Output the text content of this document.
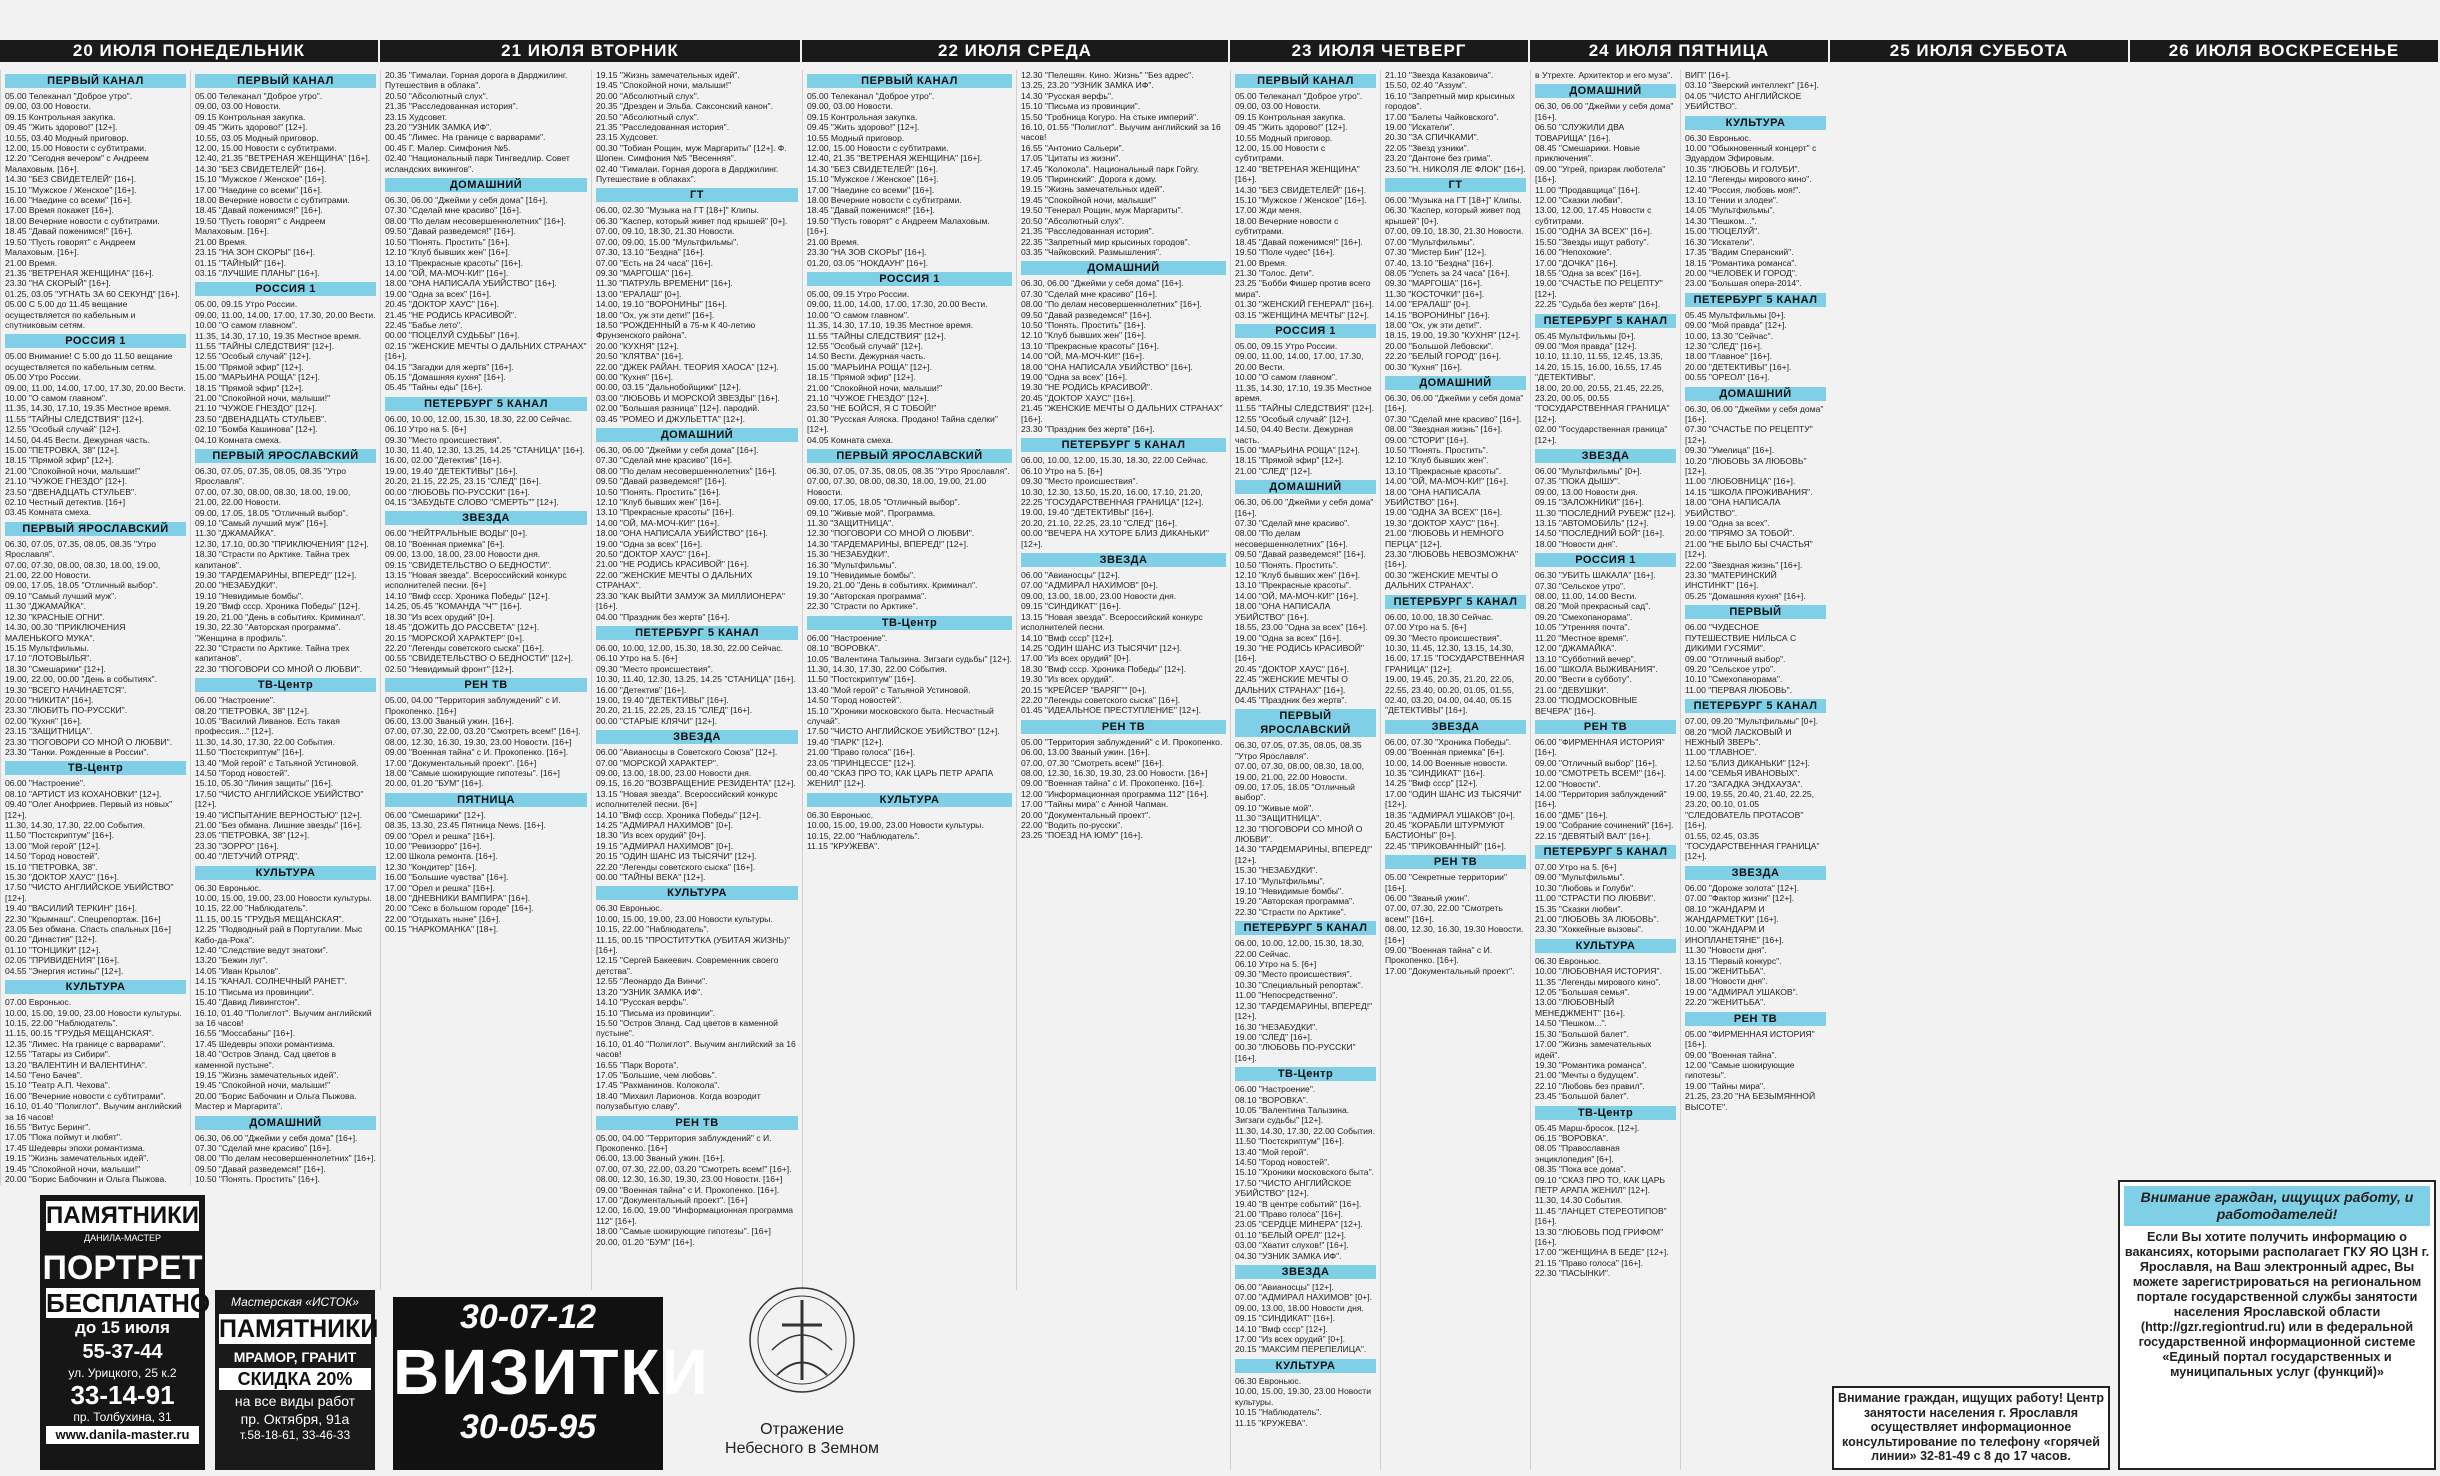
20 ИЮЛЯ ПОНЕДЕЛЬНИК	21 ИЮЛЯ ВТОРНИК	22 ИЮЛЯ СРЕДА	23 ИЮЛЯ ЧЕТВЕРГ	24 ИЮЛЯ ПЯТНИЦА	25 ИЮЛЯ СУББОТА	26 ИЮЛЯ ВОСКРЕСЕНЬЕ
ПЕРВЫЙ КАНАЛ
05.00 Телеканал "Доброе утро".
09.00, 03.00 Новости.
09.15 Контрольная закупка.
09.45 "Жить здорово!" [12+].
10.55, 03.40 Модный приговор.
12.00, 15.00 Новости с субтитрами.
12.20 "Сегодня вечером" с Андреем Малаховым. [16+].
14.30 "БЕЗ СВИДЕТЕЛЕЙ" [16+].
15.10 "Мужское / Женское" [16+].
16.00 "Наедине со всеми" [16+].
17.00 Время покажет [16+].
18.00 Вечерние новости с субтитрами.
18.45 "Давай поженимся!" [16+].
19.50 "Пусть говорят" с Андреем Малаховым. [16+].
21.00 Время.
21.35 "ВЕТРЕНАЯ ЖЕНЩИНА" [16+].
23.30 "НА СКОРЫЙ" [16+].
01.25, 03.05 "УГНАТЬ ЗА 60 СЕКУНД" [16+].
05.00 С 5.00 до 11.45 вещание осуществляется по кабельным и спутниковым сетям.
РОССИЯ 1
05.00 Внимание! С 5.00 до 11.50 вещание осуществляется по кабельным сетям.
05.00 Утро России.
09.00, 11.00, 14.00, 17.00, 17.30, 20.00 Вести.
10.00 "О самом главном".
11.35, 14.30, 17.10, 19.35 Местное время.
11.55 "ТАЙНЫ СЛЕДСТВИЯ" [12+].
12.55 "Особый случай" [12+].
14.50, 04.45 Вести. Дежурная часть.
15.00 "ПЕТРОВКА, 38" [12+].
18.15 "Прямой эфир" [12+].
21.00 "Спокойной ночи, малыши!"
21.10 "ЧУЖОЕ ГНЕЗДО" [12+].
23.50 "ДВЕНАДЦАТЬ СТУЛЬЕВ".
02.10 Честный детектив. [16+]
03.45 Комната смеха.
ПЕРВЫЙ ЯРОСЛАВСКИЙ
06.30, 07.05, 07.35, 08.05, 08.35 "Утро Ярославля".
07.00, 07.30, 08.00, 08.30, 18.00, 19.00, 21.00, 22.00 Новости.
09.00, 17.05, 18.05 "Отличный выбор".
09.10 "Самый лучший муж".
11.30 "ДЖАМАЙКА".
12.30 "КРАСНЫЕ ОГНИ".
14.30, 00.30 "ПРИКЛЮЧЕНИЯ МАЛЕНЬКОГО МУКА".
15.15 Мультфильмы.
17.10 "ЛОТОВЫЛЬЯ".
18.30 "Смешарики" [12+].
19.00, 22.00, 00.00 "День в событиях".
19.30 "ВСЕГО НАЧИНАЕТСЯ".
20.00 "НИКИТА" [16+].
23.30 "ЛЮБИТЬ ПО-РУССКИ".
02.00 "Кухня" [16+].
23.15 "ЗАЩИТНИЦА".
23.30 "ПОГОВОРИ СО МНОЙ О ЛЮБВИ".
23.30 "Танки. Рожденные в России".
ТВ-Центр
06.00 "Настроение".
08.10 "АРТИСТ ИЗ КОХАНОВКИ" [12+].
09.40 "Олег Анофриев. Первый из новых" [12+].
11.30, 14.30, 17.30, 22.00 События.
11.50 "Постскриптум" [16+].
13.00 "Мой герой" [12+].
14.50 "Город новостей".
15.10 "ПЕТРОВКА, 38".
15.30 "ДОКТОР ХАУС" [16+].
17.50 "ЧИСТО АНГЛИЙСКОЕ УБИЙСТВО" [12+].
19.40 "ВАСИЛИЙ ТЕРКИН" [16+].
22.30 "Крымнаш". Спецрепортаж. [16+]
23.05 Без обмана. Спасть спальных [16+]
00.20 "Династия" [12+].
01.10 "ТОНЦИКИ" [12+].
02.05 "ПРИВИДЕНИЯ" [16+].
04.55 "Энергия истины" [12+].
КУЛЬТУРА
07.00 Евроньюс.
10.00, 15.00, 19.00, 23.00 Новости культуры.
10.15, 22.00 "Наблюдатель".
11.15, 00.15 "ГРУДЬЯ МЕЩАНСКАЯ".
12.35 "Лимес. На границе с варварами".
12.55 "Татары из Сибири".
13.20 "ВАЛЕНТИН И ВАЛЕНТИНА".
14.50 "Гено Бачев".
15.10 "Театр А.П. Чехова".
16.00 "Вечерние новости с субтитрами".
16.10, 01.40 "Полиглот". Выучим английский за 16 часов!
16.55 "Витус Беринг".
17.05 "Пока поймут и любят".
17.45 Шедевры эпохи романтизма.
19.15 "Жизнь замечательных идей".
19.45 "Спокойной ночи, малыши!"
20.00 "Борис Бабочкин и Ольга Пыжова.
ПЕРВЫЙ КАНАЛ
05.00 Телеканал "Доброе утро".
09.00, 03.00 Новости.
09.15 Контрольная закупка.
09.45 "Жить здорово!" [12+].
10.55, 03.05 Модный приговор.
12.00, 15.00 Новости с субтитрами.
12.40, 21.35 "ВЕТРЕНАЯ ЖЕНЩИНА" [16+].
14.30 "БЕЗ СВИДЕТЕЛЕЙ" [16+].
15.10 "Мужское / Женское" [16+].
17.00 "Наедине со всеми" [16+].
18.00 Вечерние новости с субтитрами.
18.45 "Давай поженимся!" [16+].
19.50 "Пусть говорят" с Андреем Малаховым. [16+].
21.00 Время.
23.15 "НА ЗОН СКОРЫ" [16+].
01.15 "ТАЙНЫЙ" [16+].
03.15 "ЛУЧШИЕ ПЛАНЫ" [16+].
РОССИЯ 1
05.00, 09.15 Утро России.
09.00, 11.00, 14.00, 17.00, 17.30, 20.00 Вести.
10.00 "О самом главном".
11.35, 14.30, 17.10, 19.35 Местное время.
11.55 "ТАЙНЫ СЛЕДСТВИЯ" [12+].
12.55 "Особый случай" [12+].
15.00 "Прямой эфир" [12+].
15.00 "МАРЬИНА РОЩА" [12+].
18.15 "Прямой эфир" [12+].
21.00 "Спокойной ночи, малыши!"
21.10 "ЧУЖОЕ ГНЕЗДО" [12+].
23.50 "ДВЕНАДЦАТЬ СТУЛЬЕВ".
02.10 "Бомба Кашинова" [12+].
04.10 Комната смеха.
ПЕРВЫЙ ЯРОСЛАВСКИЙ
06.30, 07.05, 07.35, 08.05, 08.35 "Утро Ярославля".
07.00, 07.30, 08.00, 08.30, 18.00, 19.00, 21.00, 22.00 Новости.
09.00, 17.05, 18.05 "Отличный выбор".
09.10 "Самый лучший муж" [16+].
11.30 "ДЖАМАЙКА".
12.30, 17.10, 00.30 "ПРИКЛЮЧЕНИЯ" [12+].
18.30 "Страсти по Арктике. Тайна трех капитанов".
19.30 "ГАРДЕМАРИНЫ, ВПЕРЕД!" [12+].
20.00 "НЕЗАБУДКИ".
19.10 "Невидимые бомбы".
19.20 "Вмф ссср. Хроника Победы" [12+].
19.20, 21.00 "День в событиях. Криминал".
19.30, 22.30 "Авторская программа". "Женщина в профиль".
22.30 "Страсти по Арктике. Тайна трех капитанов".
22.30 "ПОГОВОРИ СО МНОЙ О ЛЮБВИ".
ТВ-Центр
06.00 "Настроение".
08.20 "ПЕТРОВКА, 38" [12+].
10.05 "Василий Ливанов. Есть такая профессия..." [12+].
11.30, 14.30, 17.30, 22.00 События.
11.50 "Постскриптум" [16+].
13.40 "Мой герой" с Татьяной Устиновой.
14.50 "Город новостей".
15.10, 05.30 "Линия защиты" [16+].
17.50 "ЧИСТО АНГЛИЙСКОЕ УБИЙСТВО" [12+].
19.40 "ИСПЫТАНИЕ ВЕРНОСТЬЮ" [12+].
21.00 "Без обмана. Лишние звезды" [16+].
23.05 "ПЕТРОВКА, 38" [12+].
23.30 "ЗОРРО" [16+].
00.40 "ЛЕТУЧИЙ ОТРЯД".
КУЛЬТУРА
06.30 Евроньюс.
10.00, 15.00, 19.00, 23.00 Новости культуры.
10.15, 22.00 "Наблюдатель".
11.15, 00.15 "ГРУДЬЯ МЕЩАНСКАЯ".
12.25 "Подводный рай в Португалии. Мыс Кабо-да-Рока".
12.40 "Следствие ведут знатоки".
13.20 "Бежин луг".
14.05 "Иван Крылов".
14.15 "КАНАЛ. СОЛНЕЧНЫЙ РАНЕТ".
15.10 "Письма из провинции".
15.40 "Давид Ливингстон".
16.10, 01.40 "Полиглот". Выучим английский за 16 часов!
16.55 "Моссабаны" [16+].
17.45 Шедевры эпохи романтизма.
18.40 "Остров Эланд. Сад цветов в каменной пустыне".
19.15 "Жизнь замечательных идей".
19.45 "Спокойной ночи, малыши!"
20.00 "Борис Бабочкин и Ольга Пыжова. Мастер и Маргарита".
ДОМАШНИЙ
06.30, 06.00 "Джейми у себя дома" [16+].
07.30 "Сделай мне красиво" [16+].
08.00 "По делам несовершеннолетних" [16+].
09.50 "Давай разведемся!" [16+].
10.50 "Понять. Простить" [16+].
20.35 "Гималаи. Горная дорога в Дарджилинг. Путешествия в облака".
20.50 "Абсолютный слух".
21.35 "Расследованная история".
23.15 Худсовет.
23.20 "УЗНИК ЗАМКА ИФ".
00.45 "Лимес. На границе с варварами".
00.45 Г. Малер. Симфония №5.
02.40 "Национальный парк Тингведлир. Совет исландских викингов".
ДОМАШНИЙ
06.30, 06.00 "Джейми у себя дома" [16+].
07.30 "Сделай мне красиво" [16+].
08.00 "По делам несовершеннолетних" [16+].
09.50 "Давай разведемся!" [16+].
10.50 "Понять. Простить" [16+].
12.10 "Клуб бывших жен" [16+].
13.10 "Прекрасные красоты" [16+].
14.00 "ОЙ, МА-МОЧ-КИ!" [16+].
18.00 "ОНА НАПИСАЛА УБИЙСТВО" [16+].
19.00 "Одна за всех" [16+].
20.45 "ДОКТОР ХАУС" [16+].
21.45 "НЕ РОДИСЬ КРАСИВОЙ".
22.45 "Бабье лето".
00.00 "ПОЦЕЛУЙ СУДЬБЫ" [16+].
02.15 "ЖЕНСКИЕ МЕЧТЫ О ДАЛЬНИХ СТРАНАХ" [16+].
04.15 "Загадки для жертв" [16+].
05.15 "Домашняя кухня" [16+].
05.45 "Тайны еды" [16+].
ПЕТЕРБУРГ 5 КАНАЛ
06.00, 10.00, 12.00, 15.30, 18.30, 22.00 Сейчас.
06.10 Утро на 5. [6+]
09.30 "Место происшествия".
10.30, 11.40, 12.30, 13.25, 14.25 "СТАНИЦА" [16+].
16.00, 02.00 "Детектив" [16+].
19.00, 19.40 "ДЕТЕКТИВЫ" [16+].
20.20, 21.15, 22.25, 23.15 "СЛЕД" [16+].
00.00 "ЛЮБОВЬ ПО-РУССКИ" [16+].
04.15 "ЗАБУДЬТЕ СЛОВО "СМЕРТЬ"" [12+].
ЗВЕЗДА
06.00 "НЕЙТРАЛЬНЫЕ ВОДЫ" [0+].
08.10 "Военная приемка" [6+].
09.00, 13.00, 18.00, 23.00 Новости дня.
09.15 "СВИДЕТЕЛЬСТВО О БЕДНОСТИ".
13.15 "Новая звезда". Всероссийский конкурс исполнителей песни. [6+]
14.10 "Вмф ссср. Хроника Победы" [12+].
14.25, 05.45 "КОМАНДА "Ч"" [16+].
18.30 "Из всех орудий" [0+].
18.45 "ДОЖИТЬ ДО РАССВЕТА" [12+].
20.15 "МОРСКОЙ ХАРАКТЕР" [0+].
22.20 "Легенды советского сыска" [16+].
00.55 "СВИДЕТЕЛЬСТВО О БЕДНОСТИ" [12+].
02.50 "Невидимый фронт" [12+].
РЕН ТВ
05.00, 04.00 "Территория заблуждений" с И. Прокопенко. [16+]
06.00, 13.00 Званый ужин. [16+].
07.00, 07.30, 22.00, 03.20 "Смотреть всем!" [16+].
08.00, 12.30, 16.30, 19.30, 23.00 Новости. [16+]
09.00 "Военная тайна" с И. Прокопенко. [16+].
17.00 "Документальный проект". [16+]
18.00 "Самые шокирующие гипотезы". [16+]
20.00, 01.20 "БУМ" [16+].
ПЯТНИЦА
06.00 "Смешарики" [12+].
08.35, 13.30, 23.45 Пятница News. [16+].
09.00 "Орел и решка" [16+].
10.00 "Ревизорро" [16+].
12.00 Школа ремонта. [16+].
12.30 "Кондитер" [16+].
16.00 "Большие чувства" [16+].
17.00 "Орел и решка" [16+].
18.00 "ДНЕВНИКИ ВАМПИРА" [16+].
20.00 "Секс в большом городе" [16+].
22.00 "Отдыхать ныне" [16+].
00.15 "НАРКОМАНКА" [18+].
19.15 "Жизнь замечательных идей".
19.45 "Спокойной ночи, малыши!"
20.00 "Абсолютный слух".
20.35 "Дрезден и Эльба. Саксонский канон".
20.50 "Абсолютный слух".
21.35 "Расследованная история".
23.15 Худсовет.
00.30 "Тобиан Рощин, муж Маргариты" [12+]. Ф. Шопен. Симфония №5 "Весенняя".
02.40 "Гималаи. Горная дорога в Дарджилинг. Путешествие в облаках".
ГТ
06.00, 02.30 "Музыка на ГТ [18+]" Клипы.
06.30 "Каспер, который живет под крышей" [0+].
07.00, 09.10, 18.30, 21.30 Новости.
07.00, 09.00, 15.00 "Мультфильмы".
07.30, 13.10 "Бездна" [16+].
07.00 "Есть на 24 часа" [16+].
09.30 "МАРГОША" [16+].
11.30 "ПАТРУЛЬ ВРЕМЕНИ" [16+].
13.00 "ЕРАЛАШ" [0+].
14.00, 19.10 "ВОРОНИНЫ" [16+].
18.00 "Ох, уж эти дети!" [16+].
18.50 "РОЖДЕННЫЙ в 75-м К 40-летию Фрунзенского района".
20.00 "КУХНЯ" [12+].
20.50 "КЛЯТВА" [16+].
22.00 "ДЖЕК РАЙАН. ТЕОРИЯ ХАОСА" [12+].
00.00 "Кухня" [16+].
00.00, 03.15 "Дальнобойщики" [12+].
03.00 "ЛЮБОВЬ И МОРСКОЙ ЗВЕЗДЫ" [16+].
02.00 "Большая разница" [12+]. пародий.
03.45 "РОМЕО И ДЖУЛЬЕТТА" [12+].
ДОМАШНИЙ
06.30, 06.00 "Джейми у себя дома" [16+].
07.30 "Сделай мне красиво" [16+].
08.00 "По делам несовершеннолетних" [16+].
09.50 "Давай разведемся!" [16+].
10.50 "Понять. Простить" [16+].
12.10 "Клуб бывших жен" [16+].
13.10 "Прекрасные красоты" [16+].
14.00 "ОЙ, МА-МОЧ-КИ!" [16+].
18.00 "ОНА НАПИСАЛА УБИЙСТВО" [16+].
19.00 "Одна за всех" [16+].
20.50 "ДОКТОР ХАУС" [16+].
21.00 "НЕ РОДИСЬ КРАСИВОЙ" [16+].
22.00 "ЖЕНСКИЕ МЕЧТЫ О ДАЛЬНИХ СТРАНАХ".
23.30 "КАК ВЫЙТИ ЗАМУЖ ЗА МИЛЛИОНЕРА" [16+].
04.00 "Праздник без жертв" [16+].
ПЕТЕРБУРГ 5 КАНАЛ
06.00, 10.00, 12.00, 15.30, 18.30, 22.00 Сейчас.
06.10 Утро на 5. [6+]
09.30 "Место происшествия".
10.30, 11.40, 12.30, 13.25, 14.25 "СТАНИЦА" [16+].
16.00 "Детектив" [16+].
19.00, 19.40 "ДЕТЕКТИВЫ" [16+].
20.20, 21.15, 22.25, 23.15 "СЛЕД" [16+].
00.00 "СТАРЫЕ КЛЯЧИ" [12+].
ЗВЕЗДА
06.00 "Авианосцы в Советского Союза" [12+].
07.00 "МОРСКОЙ ХАРАКТЕР".
09.00, 13.00, 18.00, 23.00 Новости дня.
09.15, 16.20 "ВОЗВРАЩЕНИЕ РЕЗИДЕНТА" [12+].
13.15 "Новая звезда". Всероссийский конкурс исполнителей песни. [6+]
14.10 "Вмф ссср. Хроника Победы" [12+].
14.25 "АДМИРАЛ НАХИМОВ" [0+].
18.30 "Из всех орудий" [0+].
19.15 "АДМИРАЛ НАХИМОВ" [0+].
20.15 "ОДИН ШАНС ИЗ ТЫСЯЧИ" [12+].
22.20 "Легенды советского сыска" [16+].
00.00 "ТАЙНЫ ВЕКА" [12+].
КУЛЬТУРА
06.30 Евроньюс.
10.00, 15.00, 19.00, 23.00 Новости культуры.
10.15, 22.00 "Наблюдатель".
11.15, 00.15 "ПРОСТИТУТКА (УБИТАЯ ЖИЗНЬ)" [16+].
12.15 "Сергей Бакеевич. Современник своего детства".
12.55 "Леонардо Да Винчи".
13.20 "УЗНИК ЗАМКА ИФ".
14.10 "Русская верфь".
15.10 "Письма из провинции".
15.50 "Остров Эланд. Сад цветов в каменной пустыне".
16.10, 01.40 "Полиглот". Выучим английский за 16 часов!
16.55 "Парк Ворота".
17.05 "Большие, чем любовь".
17.45 "Рахманинов. Колокола".
18.40 "Михаил Ларионов. Когда возродит полузабытую славу".
РЕН ТВ
05.00, 04.00 "Территория заблуждений" с И. Прокопенко. [16+]
06.00, 13.00 Званый ужин. [16+].
07.00, 07.30, 22.00, 03.20 "Смотреть всем!" [16+].
08.00, 12.30, 16.30, 19.30, 23.00 Новости. [16+]
09.00 "Военная тайна" с И. Прокопенко. [16+].
17.00 "Документальный проект". [16+]
12.00, 16.00, 19.00 "Информационная программа 112" [16+].
18.00 "Самые шокирующие гипотезы". [16+]
20.00, 01.20 "БУМ" [16+].
ПЕРВЫЙ КАНАЛ
05.00 Телеканал "Доброе утро".
09.00, 03.00 Новости.
09.15 Контрольная закупка.
09.45 "Жить здорово!" [12+].
10.55 Модный приговор.
12.00, 15.00 Новости с субтитрами.
12.40, 21.35 "ВЕТРЕНАЯ ЖЕНЩИНА" [16+].
14.30 "БЕЗ СВИДЕТЕЛЕЙ" [16+].
15.10 "Мужское / Женское" [16+].
17.00 "Наедине со всеми" [16+].
18.00 Вечерние новости с субтитрами.
18.45 "Давай поженимся!" [16+].
19.50 "Пусть говорят" с Андреем Малаховым. [16+].
21.00 Время.
23.30 "НА ЗОВ СКОРЫ" [16+].
01.20, 03.05 "НОКДАУН" [16+].
РОССИЯ 1
05.00, 09.15 Утро России.
09.00, 11.00, 14.00, 17.00, 17.30, 20.00 Вести.
10.00 "О самом главном".
11.35, 14.30, 17.10, 19.35 Местное время.
11.55 "ТАЙНЫ СЛЕДСТВИЯ" [12+].
12.55 "Особый случай" [12+].
14.50 Вести. Дежурная часть.
15.00 "МАРЬИНА РОЩА" [12+].
18.15 "Прямой эфир" [12+].
21.00 "Спокойной ночи, малыши!"
21.10 "ЧУЖОЕ ГНЕЗДО" [12+].
23.50 "НЕ БОЙСЯ, Я С ТОБОЙ!"
01.30 "Русская Аляска. Продано! Тайна сделки" [12+].
04.05 Комната смеха.
ПЕРВЫЙ ЯРОСЛАВСКИЙ
06.30, 07.05, 07.35, 08.05, 08.35 "Утро Ярославля".
07.00, 07.30, 08.00, 08.30, 18.00, 19.00, 21.00 Новости.
09.00, 17.05, 18.05 "Отличный выбор".
09.10 "Живые мой". Программа.
11.30 "ЗАЩИТНИЦА".
12.30 "ПОГОВОРИ СО МНОЙ О ЛЮБВИ".
14.30 "ГАРДЕМАРИНЫ, ВПЕРЕД!" [12+].
15.30 "НЕЗАБУДКИ".
16.30 "Мультфильмы".
19.10 "Невидимые бомбы".
19.20, 21.00 "День в событиях. Криминал".
19.30 "Авторская программа".
22.30 "Страсти по Арктике".
ТВ-Центр
06.00 "Настроение".
08.10 "ВОРОВКА".
10.05 "Валентина Талызина. Зигзаги судьбы" [12+].
11.30, 14.30, 17.30, 22.00 События.
11.50 "Постскриптум" [16+].
13.40 "Мой герой" с Татьяной Устиновой.
14.50 "Город новостей".
15.10 "Хроники московского быта. Несчастный случай".
17.50 "ЧИСТО АНГЛИЙСКОЕ УБИЙСТВО" [12+].
19.40 "ПАРК" [12+].
21.00 "Право голоса" [16+].
23.05 "ПРИНЦЕССЕ" [12+].
00.40 "СКАЗ ПРО ТО, КАК ЦАРЬ ПЕТР АРАПА ЖЕНИЛ" [12+].
КУЛЬТУРА
06.30 Евроньюс.
10.00, 15.00, 19.00, 23.00 Новости культуры.
10.15, 22.00 "Наблюдатель".
11.15 "КРУЖЕВА".
12.30 "Пелешян. Кино. Жизнь" "Без адрес".
13.25, 23.20 "УЗНИК ЗАМКА ИФ".
14.30 "Русская верфь".
15.10 "Письма из провинции".
15.50 "Гробница Когуро. На стыке империй".
16.10, 01.55 "Полиглот". Выучим английский за 16 часов!
16.55 "Антонио Сальери".
17.05 "Цитаты из жизни".
17.45 "Колокола". Национальный парк Гойгу.
19.05 "Пиринский". Дорога к дому.
19.15 "Жизнь замечательных идей".
19.45 "Спокойной ночи, малыши!"
19.50 "Генерал Рощин, муж Маргариты".
20.50 "Абсолютный слух".
21.35 "Расследованная история".
22.35 "Запретный мир крысиных городов".
03.35 "Чайковский. Размышления".
ДОМАШНИЙ
06.30, 06.00 "Джейми у себя дома" [16+].
07.30 "Сделай мне красиво" [16+].
08.00 "По делам несовершеннолетних" [16+].
09.50 "Давай разведемся!" [16+].
10.50 "Понять. Простить" [16+].
12.10 "Клуб бывших жен" [16+].
13.10 "Прекрасные красоты" [16+].
14.00 "ОЙ, МА-МОЧ-КИ!" [16+].
18.00 "ОНА НАПИСАЛА УБИЙСТВО" [16+].
19.00 "Одна за всех" [16+].
19.30 "НЕ РОДИСЬ КРАСИВОЙ".
20.45 "ДОКТОР ХАУС" [16+].
21.45 "ЖЕНСКИЕ МЕЧТЫ О ДАЛЬНИХ СТРАНАХ" [16+].
23.30 "Праздник без жертв" [16+].
ПЕТЕРБУРГ 5 КАНАЛ
06.00, 10.00, 12.00, 15.30, 18.30, 22.00 Сейчас.
06.10 Утро на 5. [6+]
09.30 "Место происшествия".
10.30, 12.30, 13.50, 15.20, 16.00, 17.10, 21.20, 22.25 "ГОСУДАРСТВЕННАЯ ГРАНИЦА" [12+].
19.00, 19.40 "ДЕТЕКТИВЫ" [16+].
20.20, 21.10, 22.25, 23.10 "СЛЕД" [16+].
00.00 "ВЕЧЕРА НА ХУТОРЕ БЛИЗ ДИКАНЬКИ" [12+].
ЗВЕЗДА
06.00 "Авианосцы" [12+].
07.00 "АДМИРАЛ НАХИМОВ" [0+].
09.00, 13.00, 18.00, 23.00 Новости дня.
09.15 "СИНДИКАТ" [16+].
13.15 "Новая звезда". Всероссийский конкурс исполнителей песни.
14.10 "Вмф ссср" [12+].
14.25 "ОДИН ШАНС ИЗ ТЫСЯЧИ" [12+].
17.00 "Из всех орудий" [0+].
18.30 "Вмф ссср. Хроника Победы" [12+].
19.30 "Из всех орудий".
20.15 "КРЕЙСЕР "ВАРЯГ"" [0+].
22.20 "Легенды советского сыска" [16+].
01.45 "ИДЕАЛЬНОЕ ПРЕСТУПЛЕНИЕ" [12+].
РЕН ТВ
05.00 "Территория заблуждений" с И. Прокопенко.
06.00, 13.00 Званый ужин. [16+].
07.00, 07.30 "Смотреть всем!" [16+].
08.00, 12.30, 16.30, 19.30, 23.00 Новости. [16+]
09.00 "Военная тайна" с И. Прокопенко. [16+].
12.00 "Информационная программа 112" [16+].
17.00 "Тайны мира" с Анной Чапман.
20.00 "Документальный проект".
22.00 "Водить по-русски".
23.25 "ПОЕЗД НА ЮМУ" [16+].
ПЕРВЫЙ КАНАЛ
05.00 Телеканал "Доброе утро".
09.00, 03.00 Новости.
09.15 Контрольная закупка.
09.45 "Жить здорово!" [12+].
10.55 Модный приговор.
12.00, 15.00 Новости с субтитрами.
12.40 "ВЕТРЕНАЯ ЖЕНЩИНА" [16+].
14.30 "БЕЗ СВИДЕТЕЛЕЙ" [16+].
15.10 "Мужское / Женское" [16+].
17.00 Жди меня.
18.00 Вечерние новости с субтитрами.
18.45 "Давай поженимся!" [16+].
19.50 "Поле чудес" [16+].
21.00 Время.
21.30 "Голос. Дети".
23.25 "Бобби Фишер против всего мира".
01.30 "ЖЕНСКИЙ ГЕНЕРАЛ" [16+].
03.15 "ЖЕНЩИНА МЕЧТЫ" [12+].
РОССИЯ 1
05.00, 09.15 Утро России.
09.00, 11.00, 14.00, 17.00, 17.30, 20.00 Вести.
10.00 "О самом главном".
11.35, 14.30, 17.10, 19.35 Местное время.
11.55 "ТАЙНЫ СЛЕДСТВИЯ" [12+].
12.55 "Особый случай" [12+].
14.50, 04.40 Вести. Дежурная часть.
15.00 "МАРЬИНА РОЩА" [12+].
18.15 "Прямой эфир" [12+].
21.00 "СЛЕД" [12+].
ДОМАШНИЙ
06.30, 06.00 "Джейми у себя дома" [16+].
07.30 "Сделай мне красиво".
08.00 "По делам несовершеннолетних" [16+].
09.50 "Давай разведемся!" [16+].
10.50 "Понять. Простить".
12.10 "Клуб бывших жен" [16+].
13.10 "Прекрасные красоты".
14.00 "ОЙ, МА-МОЧ-КИ!" [16+].
18.00 "ОНА НАПИСАЛА УБИЙСТВО" [16+].
18.55, 23.00 "Одна за всех" [16+].
19.00 "Одна за всех" [16+].
19.30 "НЕ РОДИСЬ КРАСИВОЙ" [16+].
20.45 "ДОКТОР ХАУС" [16+].
22.45 "ЖЕНСКИЕ МЕЧТЫ О ДАЛЬНИХ СТРАНАХ" [16+].
04.45 "Праздник без жертв".
ПЕРВЫЙ ЯРОСЛАВСКИЙ
06.30, 07.05, 07.35, 08.05, 08.35 "Утро Ярославля".
07.00, 07.30, 08.00, 08.30, 18.00, 19.00, 21.00, 22.00 Новости.
09.00, 17.05, 18.05 "Отличный выбор".
09.10 "Живые мой".
11.30 "ЗАЩИТНИЦА".
12.30 "ПОГОВОРИ СО МНОЙ О ЛЮБВИ".
14.30 "ГАРДЕМАРИНЫ, ВПЕРЕД!" [12+].
15.30 "НЕЗАБУДКИ".
17.10 "Мультфильмы".
19.10 "Невидимые бомбы".
19.20 "Авторская программа".
22.30 "Страсти по Арктике".
ПЕТЕРБУРГ 5 КАНАЛ
06.00, 10.00, 12.00, 15.30, 18.30, 22.00 Сейчас.
06.10 Утро на 5. [6+]
09.30 "Место происшествия".
10.30 "Специальный репортаж".
11.00 "Непосредственно".
12.30 "ГАРДЕМАРИНЫ, ВПЕРЕД!" [12+].
16.30 "НЕЗАБУДКИ".
19.00 "СЛЕД" [16+].
00.30 "ЛЮБОВЬ ПО-РУССКИ" [16+].
ТВ-Центр
06.00 "Настроение".
08.10 "ВОРОВКА".
10.05 "Валентина Талызина. Зигзаги судьбы" [12+].
11.30, 14.30, 17.30, 22.00 События.
11.50 "Постскриптум" [16+].
13.40 "Мой герой".
14.50 "Город новостей".
15.10 "Хроники московского быта".
17.50 "ЧИСТО АНГЛИЙСКОЕ УБИЙСТВО" [12+].
19.40 "В центре событий" [16+].
21.00 "Право голоса" [16+].
23.05 "СЕРДЦЕ МИНЕРА" [12+].
01.10 "БЕЛЫЙ ОРЕЛ" [12+].
03.00 "Хватит слухов!" [16+].
04.30 "УЗНИК ЗАМКА ИФ".
ЗВЕЗДА
06.00 "Авианосцы" [12+].
07.00 "АДМИРАЛ НАХИМОВ" [0+].
09.00, 13.00, 18.00 Новости дня.
09.15 "СИНДИКАТ" [16+].
14.10 "Вмф ссср" [12+].
17.00 "Из всех орудий" [0+].
20.15 "МАКСИМ ПЕРЕПЕЛИЦА".
КУЛЬТУРА
06.30 Евроньюс.
10.00, 15.00, 19.30, 23.00 Новости культуры.
10.15 "Наблюдатель".
11.15 "КРУЖЕВА".
21.10 "Звезда Казаковича".
15.50, 02.40 "Аззум".
16.10 "Запретный мир крысиных городов".
17.00 "Балеты Чайковского".
19.00 "Искатели".
20.30 "ЗА СПИЧКАМИ".
22.05 "Звезд узники".
23.20 "Дантоне без грима".
23.50 "Н. НИКОЛЯ ЛЕ ФЛОК" [16+].
ГТ
06.00 "Музыка на ГТ [18+]" Клипы.
06.30 "Каспер, который живет под крышей" [0+].
07.00, 09.10, 18.30, 21.30 Новости.
07.00 "Мультфильмы".
07.30 "Мистер Бин" [12+].
07.40, 13.10 "Бездна" [16+].
08.05 "Успеть за 24 часа" [16+].
09.30 "МАРГОША" [16+].
11.30 "КОСТОЧКИ" [16+].
14.00 "ЕРАЛАШ" [0+].
14.15 "ВОРОНИНЫ" [16+].
18.00 "Ох, уж эти дети!".
18.15, 19.00, 19.30 "КУХНЯ" [12+].
20.00 "Большой Лебовски".
22.20 "БЕЛЫЙ ГОРОД" [16+].
00.30 "Кухня" [16+].
ДОМАШНИЙ
06.30, 06.00 "Джейми у себя дома" [16+].
07.30 "Сделай мне красиво" [16+].
08.00 "Звездная жизнь" [16+].
09.00 "СТОРИ" [16+].
10.50 "Понять. Простить".
12.10 "Клуб бывших жен".
13.10 "Прекрасные красоты".
14.00 "ОЙ, МА-МОЧ-КИ!" [16+].
18.00 "ОНА НАПИСАЛА УБИЙСТВО" [16+].
19.00 "ОДНА ЗА ВСЕХ" [16+].
19.30 "ДОКТОР ХАУС" [16+].
21.00 "ЛЮБОВЬ И НЕМНОГО ПЕРЦА" [12+].
23.30 "ЛЮБОВЬ НЕВОЗМОЖНА" [16+].
00.30 "ЖЕНСКИЕ МЕЧТЫ О ДАЛЬНИХ СТРАНАХ".
ПЕТЕРБУРГ 5 КАНАЛ
06.00, 10.00, 18.30 Сейчас.
07.00 Утро на 5. [6+]
09.30 "Место происшествия".
10.30, 11.45, 12.30, 13.15, 14.30, 16.00, 17.15 "ГОСУДАРСТВЕННАЯ ГРАНИЦА" [12+].
19.00, 19.45, 20.35, 21.20, 22.05, 22.55, 23.40, 00.20, 01.05, 01.55, 02.40, 03.20, 04.00, 04.40, 05.15 "ДЕТЕКТИВЫ" [16+].
ЗВЕЗДА
06.00, 07.30 "Хроника Победы".
09.00 "Военная приемка" [6+].
10.00, 14.00 Военные новости.
10.35 "СИНДИКАТ" [16+].
14.25 "Вмф ссср" [12+].
17.00 "ОДИН ШАНС ИЗ ТЫСЯЧИ" [12+].
18.35 "АДМИРАЛ УШАКОВ" [0+].
20.45 "КОРАБЛИ ШТУРМУЮТ БАСТИОНЫ" [0+].
22.45 "ПРИКОВАННЫЙ" [16+].
РЕН ТВ
05.00 "Секретные территории" [16+].
06.00 "Званый ужин".
07.00, 07.30, 22.00 "Смотреть всем!" [16+].
08.00, 12.30, 16.30, 19.30 Новости. [16+]
09.00 "Военная тайна" с И. Прокопенко. [16+].
17.00 "Документальный проект".
в Утрехте. Архитектор и его муза".
ДОМАШНИЙ
06.30, 06.00 "Джейми у себя дома" [16+].
06.50 "СЛУЖИЛИ ДВА ТОВАРИЩА" [16+].
08.45 "Смешарики. Новые приключения".
09.00 "Угрей, призрак люботела" [16+].
11.00 "Продавщица" [16+].
12.00 "Сказки любви".
13.00, 12.00, 17.45 Новости с субтитрами.
15.00 "ОДНА ЗА ВСЕХ" [16+].
15.50 "Звезды ищут работу".
16.00 "Непохожие".
17.00 "ДОЧКА" [16+].
18.55 "Одна за всех" [16+].
19.00 "СЧАСТЬЕ ПО РЕЦЕПТУ" [12+].
22.25 "Судьба без жертв" [16+].
ПЕТЕРБУРГ 5 КАНАЛ
05.45 Мультфильмы [0+].
09.00 "Моя правда" [12+].
10.10, 11.10, 11.55, 12.45, 13.35, 14.20, 15.15, 16.00, 16.55, 17.45 "ДЕТЕКТИВЫ".
18.00, 20.00, 20.55, 21.45, 22.25, 23.20, 00.05, 00.55 "ГОСУДАРСТВЕННАЯ ГРАНИЦА" [12+].
02.00 "Государственная граница" [12+].
ЗВЕЗДА
06.00 "Мультфильмы" [0+].
07.35 "ПОКА ДЫШУ".
09.00, 13.00 Новости дня.
09.15 "ЗАЛОЖНИКИ" [16+].
11.30 "ПОСЛЕДНИЙ РУБЕЖ" [12+].
13.15 "АВТОМОБИЛЬ" [12+].
14.50 "ПОСЛЕДНИЙ БОЙ" [16+].
18.00 "Новости дня".
РОССИЯ 1
06.30 "УБИТЬ ШАКАЛА" [16+].
07.30 "Сельское утро".
08.00, 11.00, 14.00 Вести.
08.20 "Мой прекрасный сад".
09.20 "Смехопанорама".
10.05 "Утренняя почта".
11.20 "Местное время".
12.00 "ДЖАМАЙКА".
13.10 "Субботний вечер".
16.00 "ШКОЛА ВЫЖИВАНИЯ".
20.00 "Вести в субботу".
21.00 "ДЕВУШКИ".
23.00 "ПОДМОСКОВНЫЕ ВЕЧЕРА" [16+].
РЕН ТВ
06.00 "ФИРМЕННАЯ ИСТОРИЯ" [16+].
09.00 "Отличный выбор" [16+].
10.00 "СМОТРЕТЬ ВСЕМ!" [16+].
12.00 "Новости".
14.00 "Территория заблуждений" [16+].
16.00 "ДМБ" [16+].
19.00 "Собрание сочинений" [16+].
22.15 "ДЕВЯТЫЙ ВАЛ" [16+].
ПЕТЕРБУРГ 5 КАНАЛ
07.00 Утро на 5. [6+]
09.00 "Мультфильмы".
10.30 "Любовь и Голуби".
11.00 "СТРАСТИ ПО ЛЮБВИ".
15.35 "Сказки любви".
21.00 "ЛЮБОВЬ ЗА ЛЮБОВЬ".
23.30 "Хоккейные вызовы".
КУЛЬТУРА
06.30 Евроньюс.
10.00 "ЛЮБОВНАЯ ИСТОРИЯ".
11.35 "Легенды мирового кино".
12.05 "Большая семья".
13.00 "ЛЮБОВНЫЙ МЕНЕДЖМЕНТ" [16+].
14.50 "Пешком...".
15.30 "Большой балет".
17.00 "Жизнь замечательных идей".
19.30 "Романтика романса".
21.00 "Мечты о будущем".
22.10 "Любовь без правил".
23.45 "Большой балет".
ТВ-Центр
05.45 Марш-бросок. [12+].
06.15 "ВОРОВКА".
08.05 "Православная энциклопедия" [6+].
08.35 "Пока все дома".
09.10 "СКАЗ ПРО ТО, КАК ЦАРЬ ПЕТР АРАПА ЖЕНИЛ" [12+].
11.30, 14.30 События.
11.45 "ЛАНЦЕТ СТЕРЕОТИПОВ" [16+].
13.30 "ЛЮБОВЬ ПОД ГРИФОМ" [16+].
17.00 "ЖЕНЩИНА В БЕДЕ" [12+].
21.15 "Право голоса" [16+].
22.30 "ПАСЫНКИ".
ВИП" [16+].
03.10 "Зверский интеллект" [16+].
04.05 "ЧИСТО АНГЛИЙСКОЕ УБИЙСТВО".
КУЛЬТУРА
06.30 Евроньюс.
10.00 "Обыкновенный концерт" с Эдуардом Эфировым.
10.35 "ЛЮБОВЬ И ГОЛУБИ".
12.10 "Легенды мирового кино".
12.40 "Россия, любовь моя!".
13.10 "Гении и злодеи".
14.05 "Мультфильмы".
14.30 "Пешком...".
15.00 "ПОЦЕЛУЙ".
16.30 "Искатели".
17.35 "Вадим Сперанский".
18.15 "Романтика романса".
20.00 "ЧЕЛОВЕК И ГОРОД".
23.00 "Большая опера-2014".
ПЕТЕРБУРГ 5 КАНАЛ
05.45 Мультфильмы [0+].
09.00 "Мой правда" [12+].
10.00, 13.30 "Сейчас".
12.30 "СЛЕД" [16+].
18.00 "Главное" [16+].
20.00 "ДЕТЕКТИВЫ" [16+].
00.55 "ОРЕОЛ" [16+].
ДОМАШНИЙ
06.30, 06.00 "Джейми у себя дома" [16+].
07.30 "СЧАСТЬЕ ПО РЕЦЕПТУ" [12+].
09.30 "Умелица" [16+].
10.20 "ЛЮБОВЬ ЗА ЛЮБОВЬ" [12+].
11.00 "ЛЮБОВНИЦА" [16+].
14.15 "ШКОЛА ПРОЖИВАНИЯ".
18.00 "ОНА НАПИСАЛА УБИЙСТВО".
19.00 "Одна за всех".
20.00 "ПРЯМО ЗА ТОБОЙ".
21.00 "НЕ БЫЛО БЫ СЧАСТЬЯ" [12+].
22.00 "Звездная жизнь" [16+].
23.30 "МАТЕРИНСКИЙ ИНСТИНКТ" [16+].
05.25 "Домашняя кухня" [16+].
ПЕРВЫЙ
06.00 "ЧУДЕСНОЕ ПУТЕШЕСТВИЕ НИЛЬСА С ДИКИМИ ГУСЯМИ".
09.00 "Отличный выбор".
09.20 "Сельское утро".
10.10 "Смехопанорама".
11.00 "ПЕРВАЯ ЛЮБОВЬ".
ПЕТЕРБУРГ 5 КАНАЛ
07.00, 09.20 "Мультфильмы" [0+].
08.20 "МОЙ ЛАСКОВЫЙ И НЕЖНЫЙ ЗВЕРЬ".
11.00 "ГЛАВНОЕ".
12.50 "БЛИЗ ДИКАНЬКИ" [12+].
14.00 "СЕМЬЯ ИВАНОВЫХ".
17.20 "ЗАГАДКА ЭНДХАУЗА".
19.00, 19.55, 20.40, 21.40, 22.25, 23.20, 00.10, 01.05 "СЛЕДОВАТЕЛЬ ПРОТАСОВ" [16+].
01.55, 02.45, 03.35 "ГОСУДАРСТВЕННАЯ ГРАНИЦА" [12+].
ЗВЕЗДА
06.00 "Дороже золота" [12+].
07.00 "Фактор жизни" [12+].
08.10 "ЖАНДАРМ И ЖАНДАРМЕТКИ" [16+].
10.00 "ЖАНДАРМ И ИНОПЛАНЕТЯНЕ" [16+].
11.30 "Новости дня".
13.15 "Первый конкурс".
15.00 "ЖЕНИТЬБА".
18.00 "Новости дня".
19.00 "АДМИРАЛ УШАКОВ".
22.20 "ЖЕНИТЬБА".
РЕН ТВ
05.00 "ФИРМЕННАЯ ИСТОРИЯ" [16+].
09.00 "Военная тайна".
12.00 "Самые шокирующие гипотезы".
19.00 "Тайны мира".
21.25, 23.20 "НА БЕЗЫМЯННОЙ ВЫСОТЕ".
ПАМЯТНИКИ
ДАНИЛА-МАСТЕР
ПОРТРЕТ
БЕСПЛАТНО
до 15 июля
55-37-44
ул. Урицкого, 25 к.2
33-14-91
пр. Толбухина, 31
www.danila-master.ru
Мастерская «ИСТОК»
ПАМЯТНИКИ
МРАМОР, ГРАНИТ
СКИДКА 20%
на все виды работ
пр. Октября, 91а
т.58-18-61, 33-46-33
30-07-12
ВИЗИТКИ
30-05-95	Отражение
Небесного в Земном
Внимание граждан, ищущих работу! Центр занятости населения г. Ярославля осуществляет информационное консультирование по телефону «горячей линии» 32-81-49 с 8 до 17 часов.
Внимание граждан, ищущих работу, и работодателей!
Если Вы хотите получить информацию о вакансиях, которыми располагает ГКУ ЯО ЦЗН г. Ярославля, на Ваш электронный адрес, Вы можете зарегистрироваться на региональном портале государственной службы занятости населения Ярославской области (http://gzr.regiontrud.ru) или в федеральной государственной информационной системе «Единый портал государственных и муниципальных услуг (функций)»
